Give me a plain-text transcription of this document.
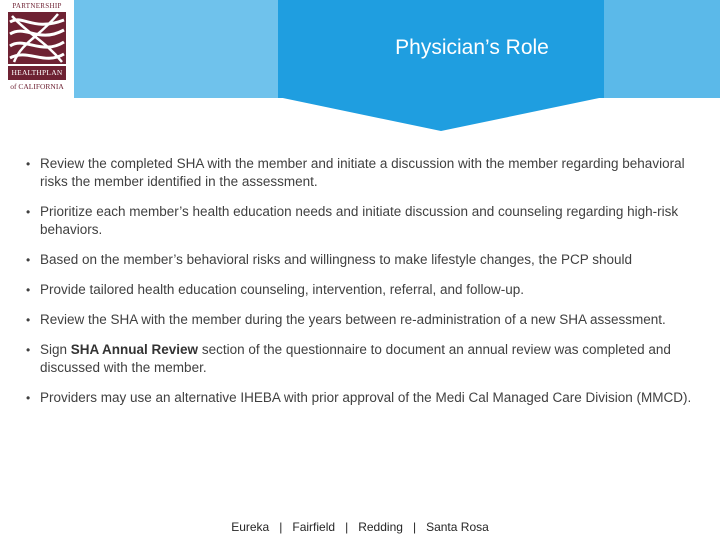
Physician’s Role
PARTNERSHIP
HEALTHPLAN
of CALIFORNIA
• Review the completed SHA with the member and initiate a discussion with the member regarding behavioral risks the member identified in the assessment.
• Prioritize each member’s health education needs and initiate discussion and counseling regarding high-risk behaviors.
• Based on the member’s behavioral risks and willingness to make lifestyle changes, the PCP should
• Provide tailored health education counseling, intervention, referral, and follow-up.
• Review the SHA with the member during the years between re-administration of a new SHA assessment.
• Sign SHA Annual Review section of the questionnaire to document an annual review was completed and discussed with the member.
• Providers may use an alternative IHEBA with prior approval of the Medi Cal Managed Care Division (MMCD).
Eureka | Fairfield | Redding | Santa Rosa
